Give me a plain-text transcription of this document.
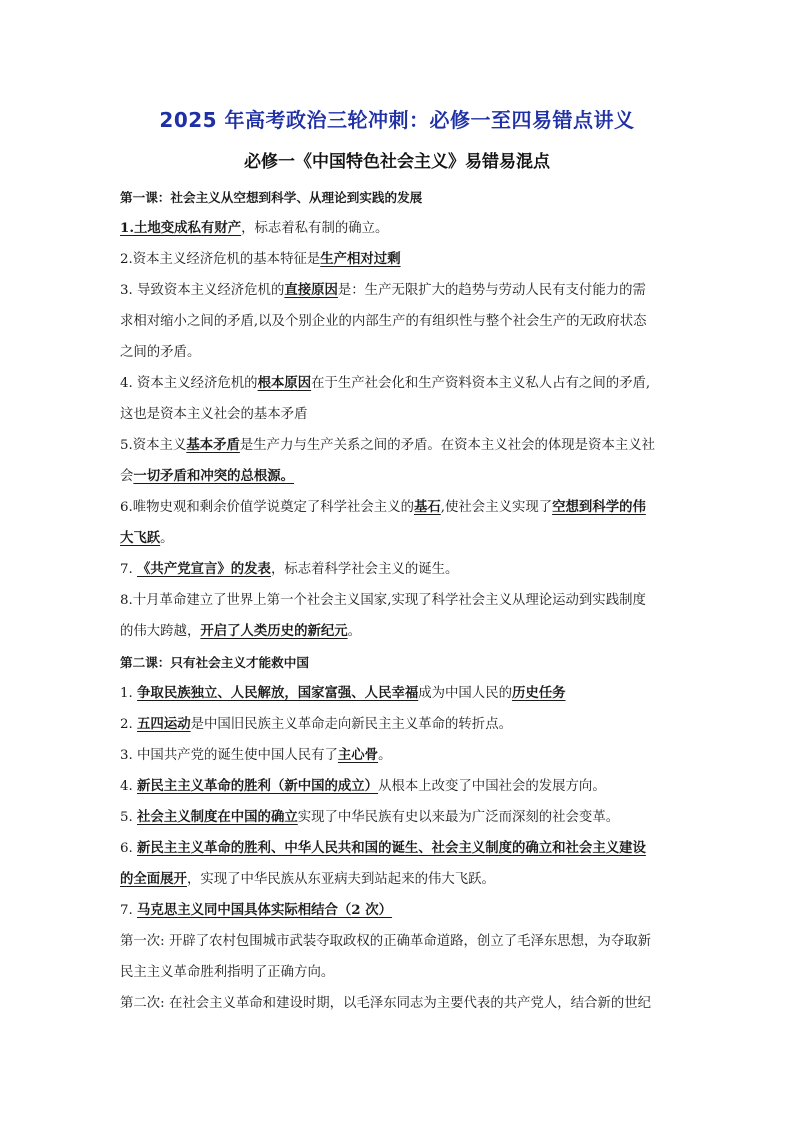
2025 年高考政治三轮冲刺：必修一至四易错点讲义
必修一《中国特色社会主义》易错易混点
第一课：社会主义从空想到科学、从理论到实践的发展
1.土地变成私有财产，标志着私有制的确立。
2.资本主义经济危机的基本特征是生产相对过剩
3. 导致资本主义经济危机的直接原因是：生产无限扩大的趋势与劳动人民有支付能力的需
求相对缩小之间的矛盾,以及个别企业的内部生产的有组织性与整个社会生产的无政府状态
之间的矛盾。
4. 资本主义经济危机的根本原因在于生产社会化和生产资料资本主义私人占有之间的矛盾,
这也是资本主义社会的基本矛盾
5.资本主义基本矛盾是生产力与生产关系之间的矛盾。在资本主义社会的体现是资本主义社
会一切矛盾和冲突的总根源。
6.唯物史观和剩余价值学说奠定了科学社会主义的基石,使社会主义实现了空想到科学的伟
大飞跃。
7. 《共产党宣言》的发表，标志着科学社会主义的诞生。
8.十月革命建立了世界上第一个社会主义国家,实现了科学社会主义从理论运动到实践制度
的伟大跨越，开启了人类历史的新纪元。
第二课：只有社会主义才能救中国
1. 争取民族独立、人民解放，国家富强、人民幸福成为中国人民的历史任务
2. 五四运动是中国旧民族主义革命走向新民主主义革命的转折点。
3. 中国共产党的诞生使中国人民有了主心骨。
4. 新民主主义革命的胜利（新中国的成立）从根本上改变了中国社会的发展方向。
5. 社会主义制度在中国的确立实现了中华民族有史以来最为广泛而深刻的社会变革。
6. 新民主主义革命的胜利、中华人民共和国的诞生、社会主义制度的确立和社会主义建设
的全面展开，实现了中华民族从东亚病夫到站起来的伟大飞跃。
7. 马克思主义同中国具体实际相结合（2 次）
第一次: 开辟了农村包围城市武装夺取政权的正确革命道路，创立了毛泽东思想，为夺取新
民主主义革命胜利指明了正确方向。
第二次: 在社会主义革命和建设时期，以毛泽东同志为主要代表的共产党人，结合新的世纪
